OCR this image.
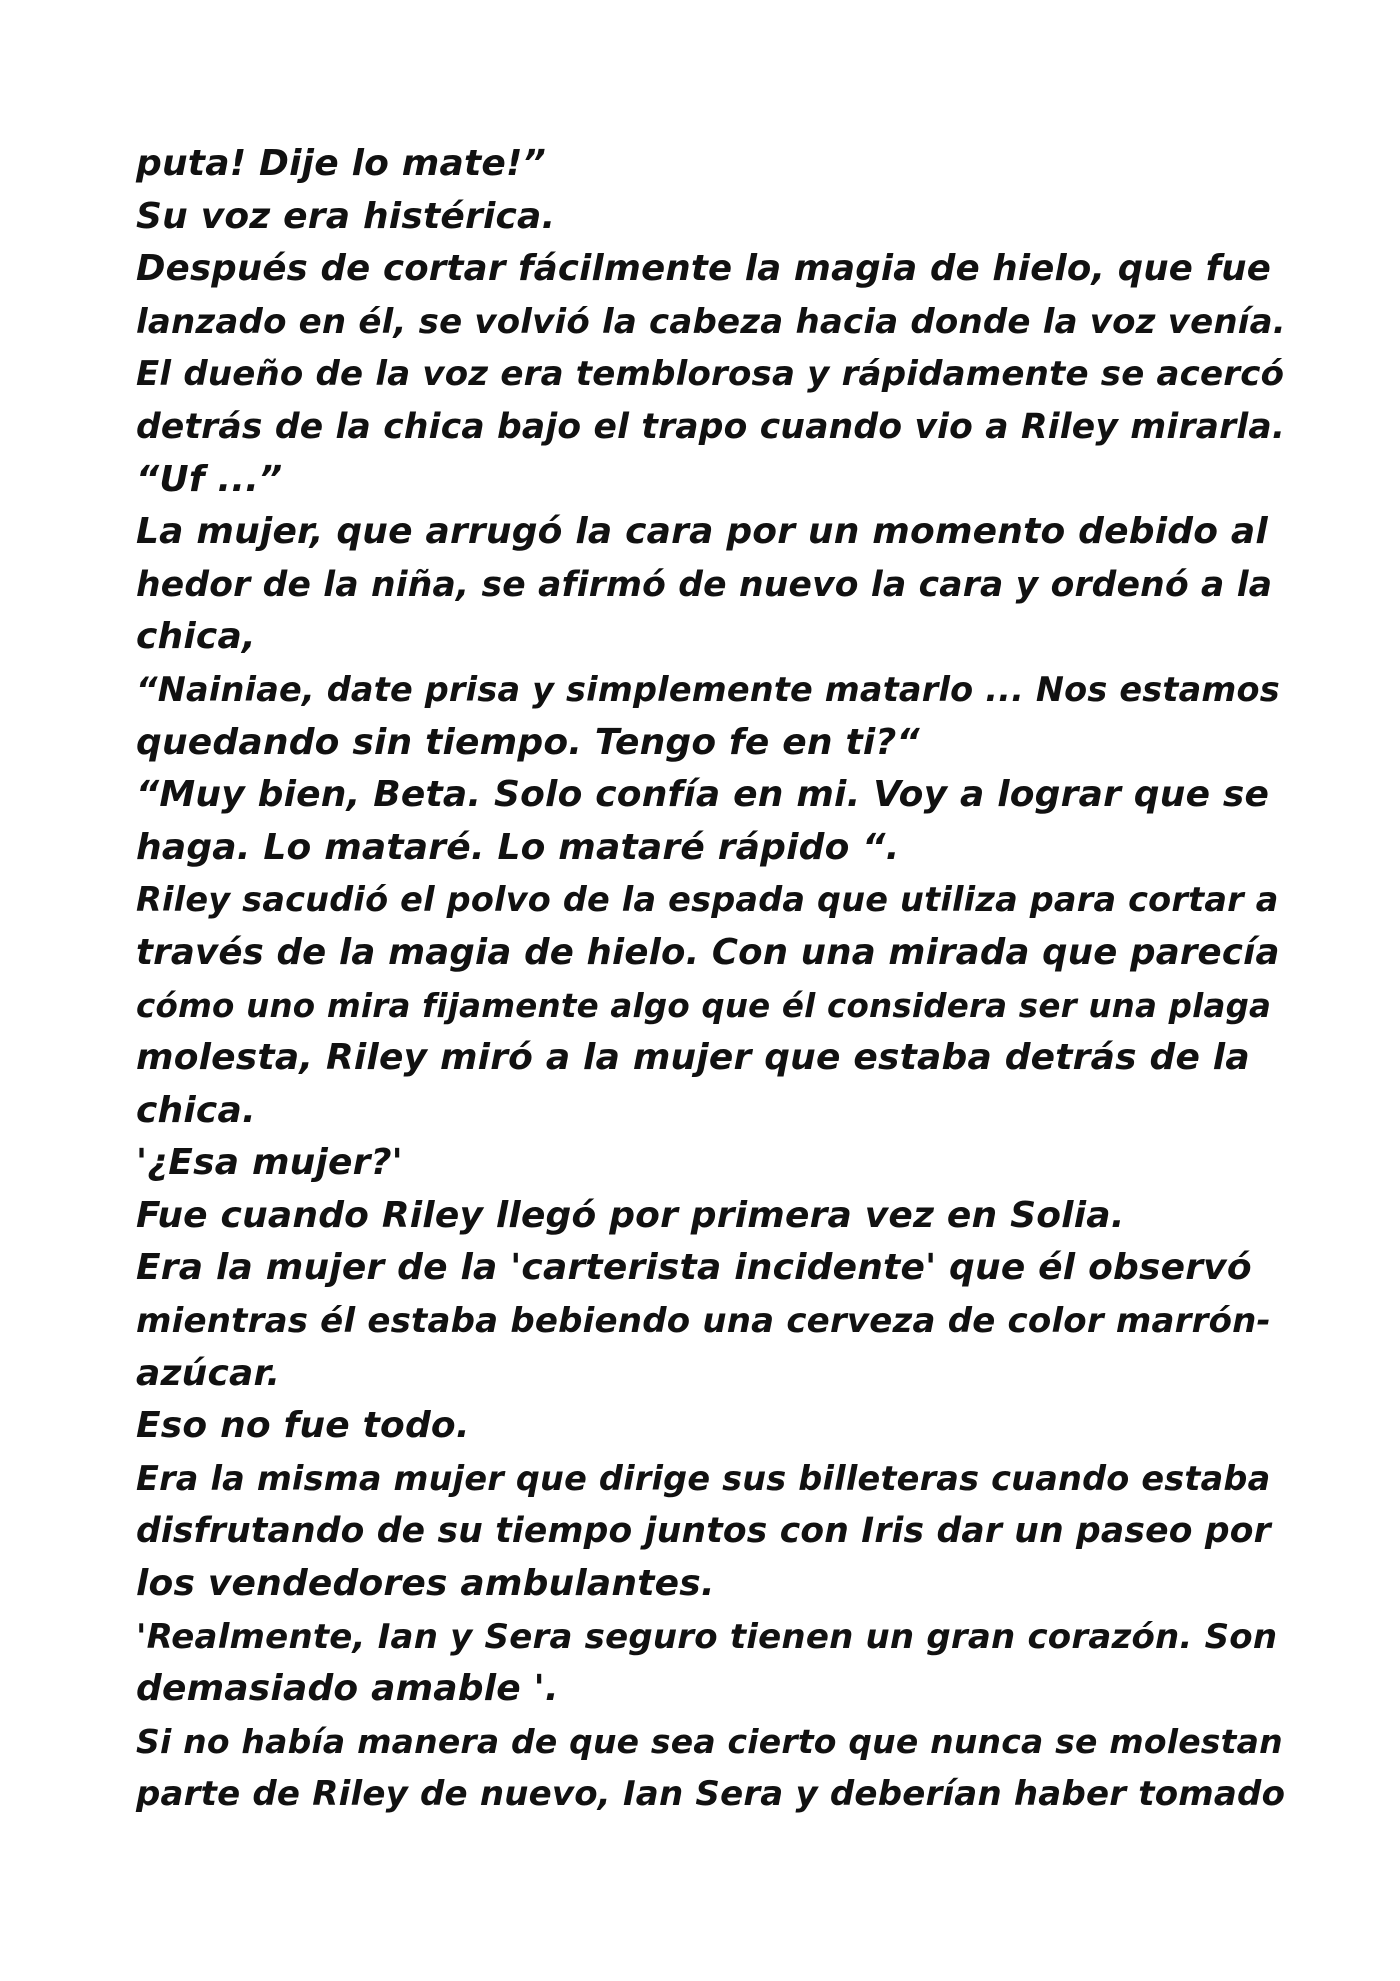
puta! Dije lo mate!”
Su voz era histérica.
Después de cortar fácilmente la magia de hielo, que fue
lanzado en él, se volvió la cabeza hacia donde la voz venía.
El dueño de la voz era temblorosa y rápidamente se acercó
detrás de la chica bajo el trapo cuando vio a Riley mirarla.
“Uf ...”
La mujer, que arrugó la cara por un momento debido al
hedor de la niña, se afirmó de nuevo la cara y ordenó a la
chica,
“Nainiae, date prisa y simplemente matarlo ... Nos estamos
quedando sin tiempo. Tengo fe en ti?“
“Muy bien, Beta. Solo confía en mi. Voy a lograr que se
haga. Lo mataré. Lo mataré rápido “.
Riley sacudió el polvo de la espada que utiliza para cortar a
través de la magia de hielo. Con una mirada que parecía
cómo uno mira fijamente algo que él considera ser una plaga
molesta, Riley miró a la mujer que estaba detrás de la
chica.
'¿Esa mujer?'
Fue cuando Riley llegó por primera vez en Solia.
Era la mujer de la 'carterista incidente' que él observó
mientras él estaba bebiendo una cerveza de color marrón-
azúcar.
Eso no fue todo.
Era la misma mujer que dirige sus billeteras cuando estaba
disfrutando de su tiempo juntos con Iris dar un paseo por
los vendedores ambulantes.
'Realmente, Ian y Sera seguro tienen un gran corazón. Son
demasiado amable '.
Si no había manera de que sea cierto que nunca se molestan
parte de Riley de nuevo, Ian Sera y deberían haber tomado
